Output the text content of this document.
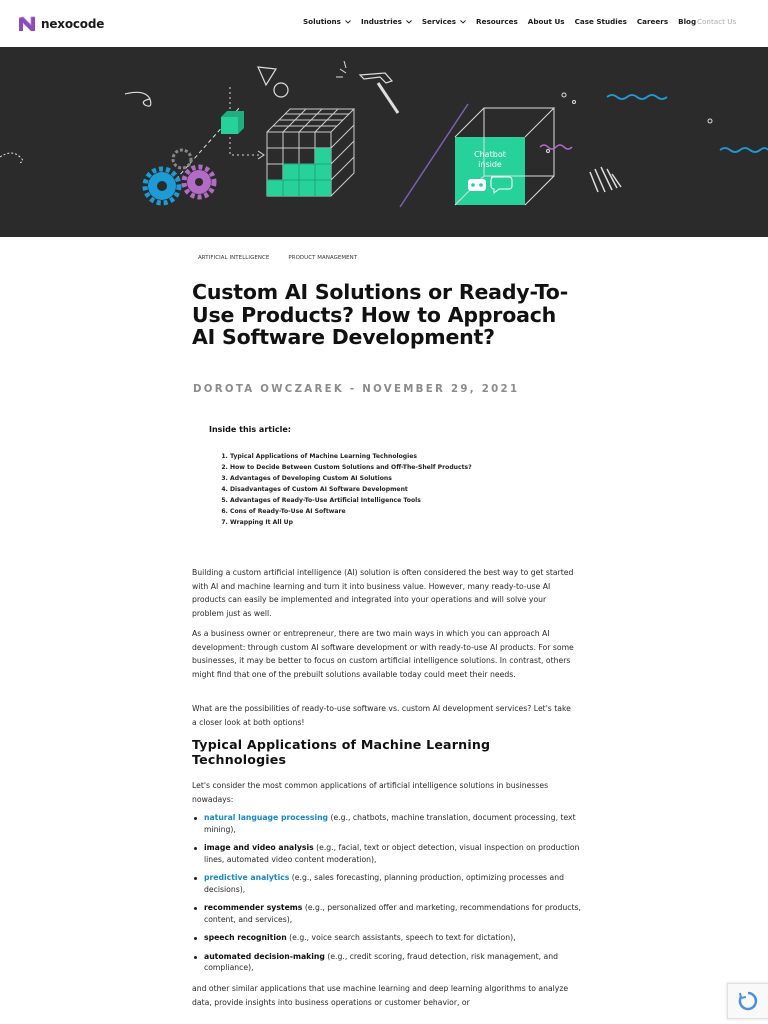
nexocode	Solutions	Industries	Services	Resources About Us Case Studies Careers Blog Contact Us
Chatbot
inside
ARTIFICIAL INTELLIGENCE	PRODUCT MANAGEMENT
Custom AI Solutions or Ready-To-Use Products? How to Approach AI Software Development?
DOROTA OWCZAREK - NOVEMBER 29, 2021
Inside this article:
1. Typical Applications of Machine Learning Technologies
2. How to Decide Between Custom Solutions and Off-The-Shelf Products?
3. Advantages of Developing Custom AI Solutions
4. Disadvantages of Custom AI Software Development
5. Advantages of Ready-To-Use Artificial Intelligence Tools
6. Cons of Ready-To-Use AI Software
7. Wrapping It All Up

Building a custom artificial intelligence (AI) solution is often considered the best way to get started with AI and machine learning and turn it into business value. However, many ready-to-use AI products can easily be implemented and integrated into your operations and will solve your problem just as well.

As a business owner or entrepreneur, there are two main ways in which you can approach AI development: through custom AI software development or with ready-to-use AI products. For some businesses, it may be better to focus on custom artificial intelligence solutions. In contrast, others might find that one of the prebuilt solutions available today could meet their needs.

What are the possibilities of ready-to-use software vs. custom AI development services? Let's take a closer look at both options!

Typical Applications of Machine Learning Technologies

Let's consider the most common applications of artificial intelligence solutions in businesses nowadays:

natural language processing (e.g., chatbots, machine translation, document processing, text mining),
image and video analysis (e.g., facial, text or object detection, visual inspection on production lines, automated video content moderation),
predictive analytics (e.g., sales forecasting, planning production, optimizing processes and decisions),
recommender systems (e.g., personalized offer and marketing, recommendations for products, content, and services),
speech recognition (e.g., voice search assistants, speech to text for dictation),
automated decision-making (e.g., credit scoring, fraud detection, risk management, and compliance),

and other similar applications that use machine learning and deep learning algorithms to analyze data, provide insights into business operations or customer behavior, or
